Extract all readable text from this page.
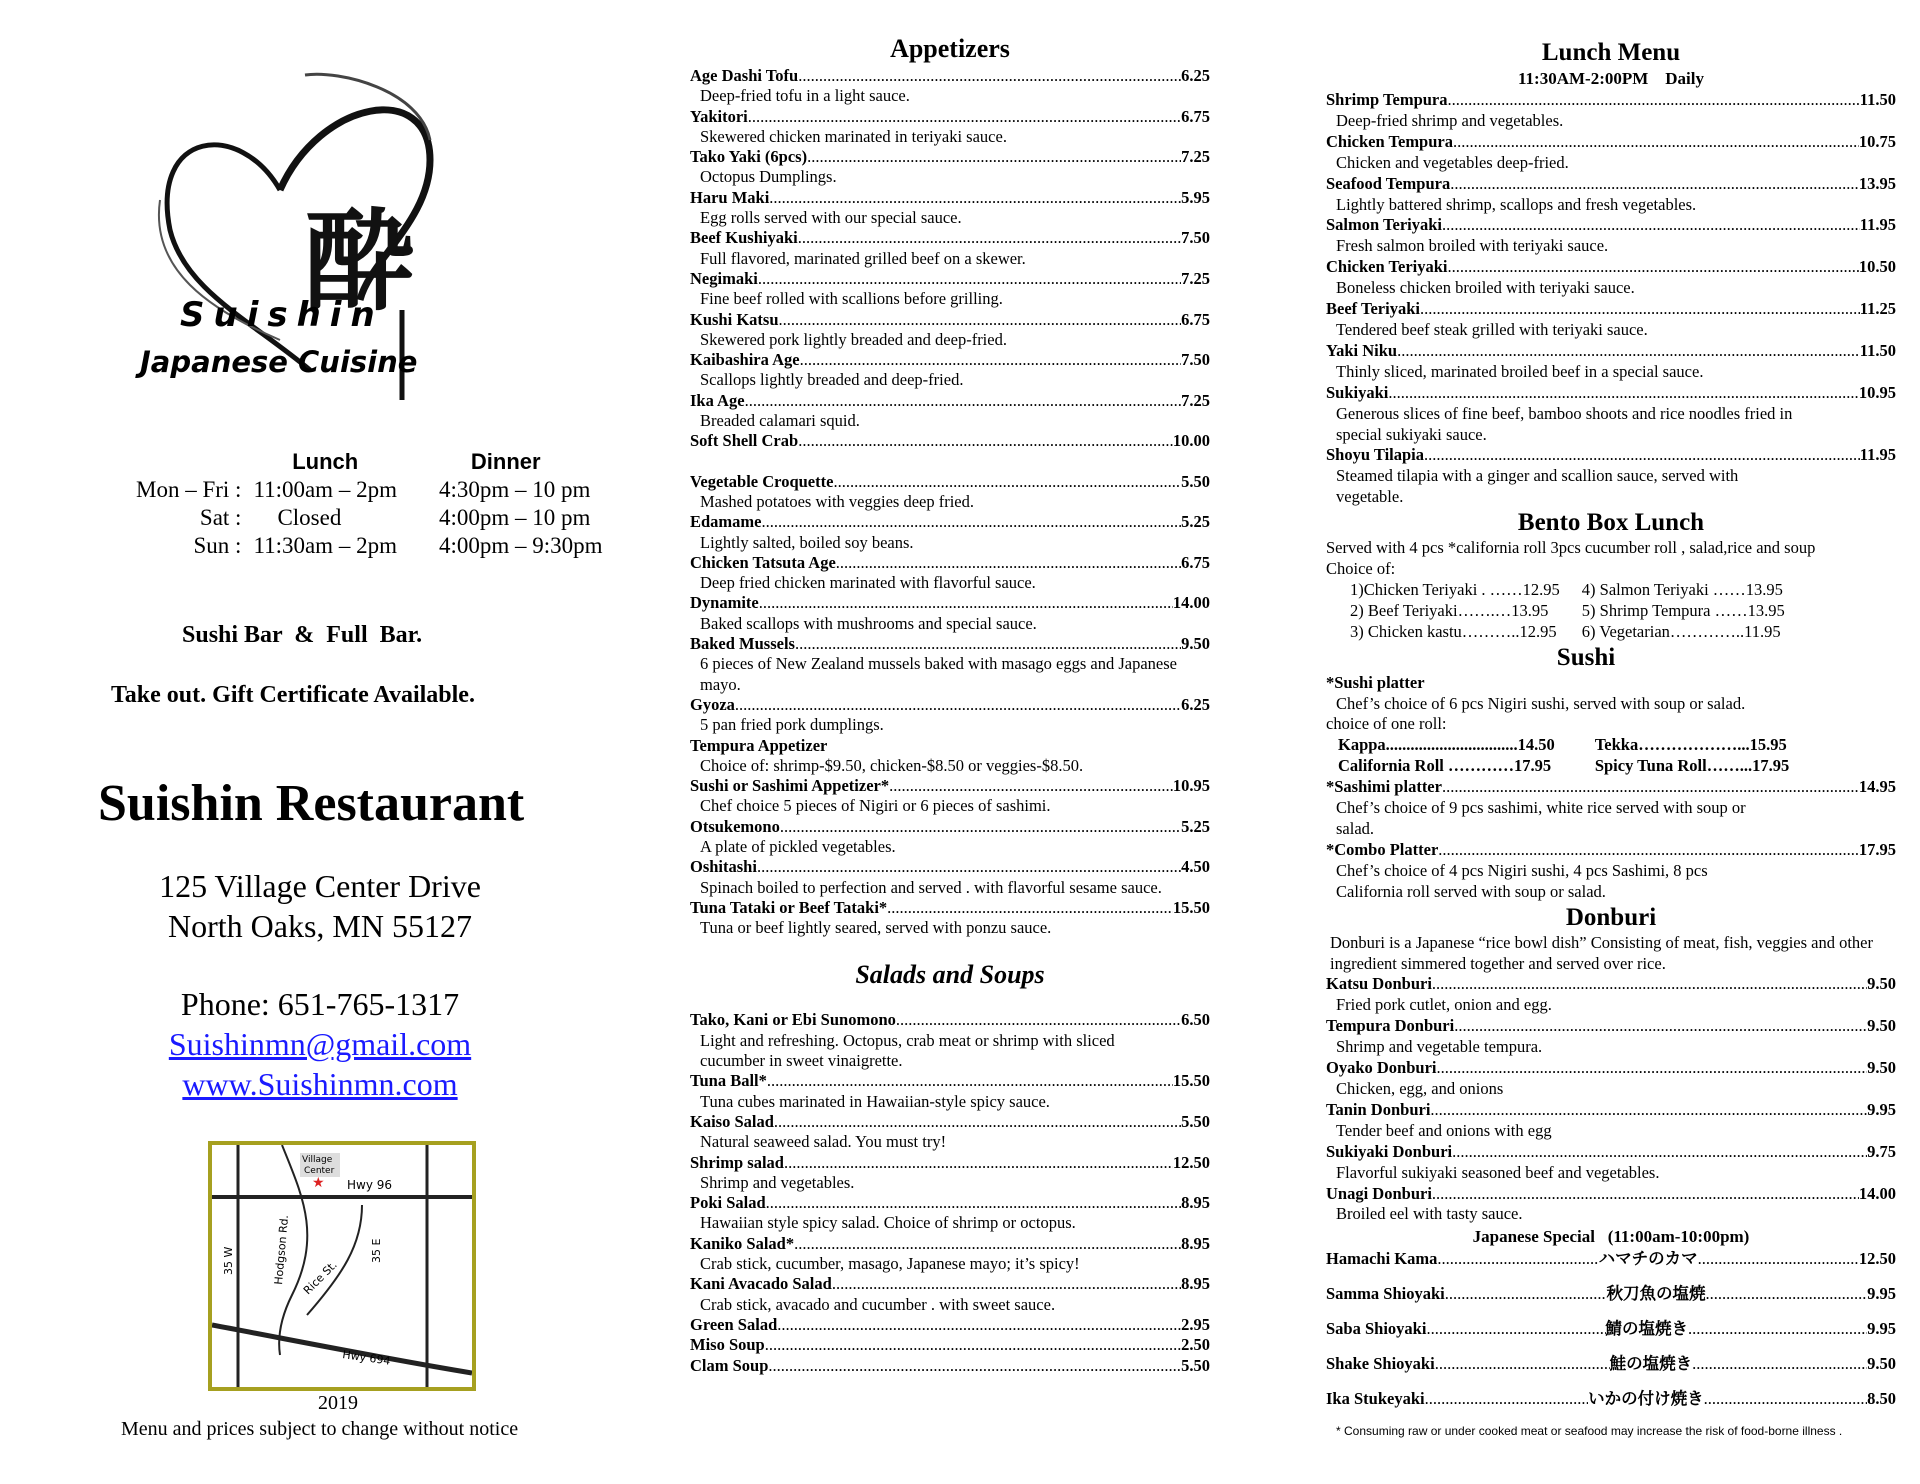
酔
Suishin
Japanese Cuisine
	Lunch	Dinner
Mon – Fri :	11:00am – 2pm	4:30pm – 10 pm
Sat :	Closed	4:00pm – 10 pm
Sun :	11:30am – 2pm	4:00pm – 9:30pm
Sushi Bar  &  Full  Bar.
Take out. Gift Certificate Available.
Suishin Restaurant
125 Village Center Drive
North Oaks, MN 55127
Phone: 651-765-1317
Suishinmn@gmail.com
www.Suishinmn.com
Village
Center
★ Hwy 96
Hwy 694
35 W	35 E
Hodgson Rd. Rice St.
2019
Menu and prices subject to change without notice
Appetizers
Age Dashi Tofu .....	6.25
Deep-fried tofu in a light sauce.
Yakitori .....	6.75
Skewered chicken marinated in teriyaki sauce.
Tako Yaki (6pcs) .....	7.25
Octopus Dumplings.
Haru Maki .....	5.95
Egg rolls served with our special sauce.
Beef Kushiyaki .....	7.50
Full flavored, marinated grilled beef on a skewer.
Negimaki .....	7.25
Fine beef rolled with scallions before grilling.
Kushi Katsu .....	6.75
Skewered pork lightly breaded and deep-fried.
Kaibashira Age .....	7.50
Scallops lightly breaded and deep-fried.
Ika Age .....	7.25
Breaded calamari squid.
Soft Shell Crab .....	10.00
Vegetable Croquette .....	5.50
Mashed potatoes with veggies deep fried.
Edamame .....	5.25
Lightly salted, boiled soy beans.
Chicken Tatsuta Age .....	6.75
Deep fried chicken marinated with flavorful sauce.
Dynamite .....	14.00
Baked scallops with mushrooms and special sauce.
Baked Mussels .....	9.50
6 pieces of New Zealand mussels baked with masago eggs and Japanese mayo.
Gyoza .....	6.25
5 pan fried pork dumplings.
Tempura Appetizer
Choice of: shrimp-$9.50, chicken-$8.50 or veggies-$8.50.
Sushi or Sashimi Appetizer* .....	10.95
Chef choice 5 pieces of Nigiri or 6 pieces of sashimi.
Otsukemono .....	5.25
A plate of pickled vegetables.
Oshitashi .....	4.50
Spinach boiled to perfection and served . with flavorful sesame sauce.
Tuna Tataki or Beef Tataki* .....	15.50
Tuna or beef lightly seared, served with ponzu sauce.
Salads and Soups
Tako, Kani or Ebi Sunomono .....	6.50
Light and refreshing. Octopus, crab meat or shrimp with sliced cucumber in sweet vinaigrette.
Tuna Ball* .....	15.50
Tuna cubes marinated in Hawaiian-style spicy sauce.
Kaiso Salad .....	5.50
Natural seaweed salad. You must try!
Shrimp salad .....	12.50
Shrimp and vegetables.
Poki Salad .....	8.95
Hawaiian style spicy salad. Choice of shrimp or octopus.
Kaniko Salad* .....	8.95
Crab stick, cucumber, masago, Japanese mayo; it’s spicy!
Kani Avacado Salad .....	8.95
Crab stick, avacado and cucumber . with sweet sauce.
Green Salad .....	2.95
Miso Soup .....	2.50
Clam Soup .....	5.50
Lunch Menu
11:30AM-2:00PM    Daily
Shrimp Tempura .....	11.50
Deep-fried shrimp and vegetables.
Chicken Tempura .....	10.75
Chicken and vegetables deep-fried.
Seafood Tempura .....	13.95
Lightly battered shrimp, scallops and fresh vegetables.
Salmon Teriyaki .....	11.95
Fresh salmon broiled with teriyaki sauce.
Chicken Teriyaki .....	10.50
Boneless chicken broiled with teriyaki sauce.
Beef Teriyaki .....	11.25
Tendered beef steak grilled with teriyaki sauce.
Yaki Niku .....	11.50
Thinly sliced, marinated broiled beef in a special sauce.
Sukiyaki .....	10.95
Generous slices of fine beef, bamboo shoots and rice noodles fried in special sukiyaki sauce.
Shoyu Tilapia .....	11.95
Steamed tilapia with a ginger and scallion sauce, served with vegetable.
Bento Box Lunch
Served with 4 pcs *california roll 3pcs cucumber roll , salad,rice and soup
Choice of:
1)Chicken Teriyaki . ……12.95	4) Salmon Teriyaki ……13.95
2) Beef Teriyaki…….…13.95	5) Shrimp Tempura ……13.95
3) Chicken kastu………..12.95	6) Vegetarian…………..11.95
Sushi
*Sushi platter
Chef’s choice of 6 pcs Nigiri sushi, served with soup or salad.
choice of one roll:
Kappa................................14.50	Tekka………………...15.95
California Roll …………17.95	Spicy Tuna Roll……...17.95
*Sashimi platter .....	14.95
Chef’s choice of 9 pcs sashimi, white rice served with soup or salad.
*Combo Platter .....	17.95
Chef’s choice of 4 pcs Nigiri sushi, 4 pcs Sashimi, 8 pcs California roll served with soup or salad.
Donburi
Donburi is a Japanese “rice bowl dish” Consisting of meat, fish, veggies and other ingredient simmered together and served over rice.
Katsu Donburi .....	9.50
Fried pork cutlet, onion and egg.
Tempura Donburi .....	9.50
Shrimp and vegetable tempura.
Oyako Donburi .....	9.50
Chicken, egg, and onions
Tanin Donburi .....	9.95
Tender beef and onions with egg
Sukiyaki Donburi .....	9.75
Flavorful sukiyaki seasoned beef and vegetables.
Unagi Donburi .....	14.00
Broiled eel with tasty sauce.
Japanese Special   (11:00am-10:00pm)
Hamachi Kama .....	ハマチのカマ .....	12.50
Samma Shioyaki .....	秋刀魚の塩焼 .....	9.95
Saba Shioyaki .....	鯖の塩焼き .....	9.95
Shake Shioyaki .....	鮭の塩焼き .....	9.50
Ika Stukeyaki .....	いかの付け焼き .....	8.50
* Consuming raw or under cooked meat or seafood may increase the risk of food-borne illness .
